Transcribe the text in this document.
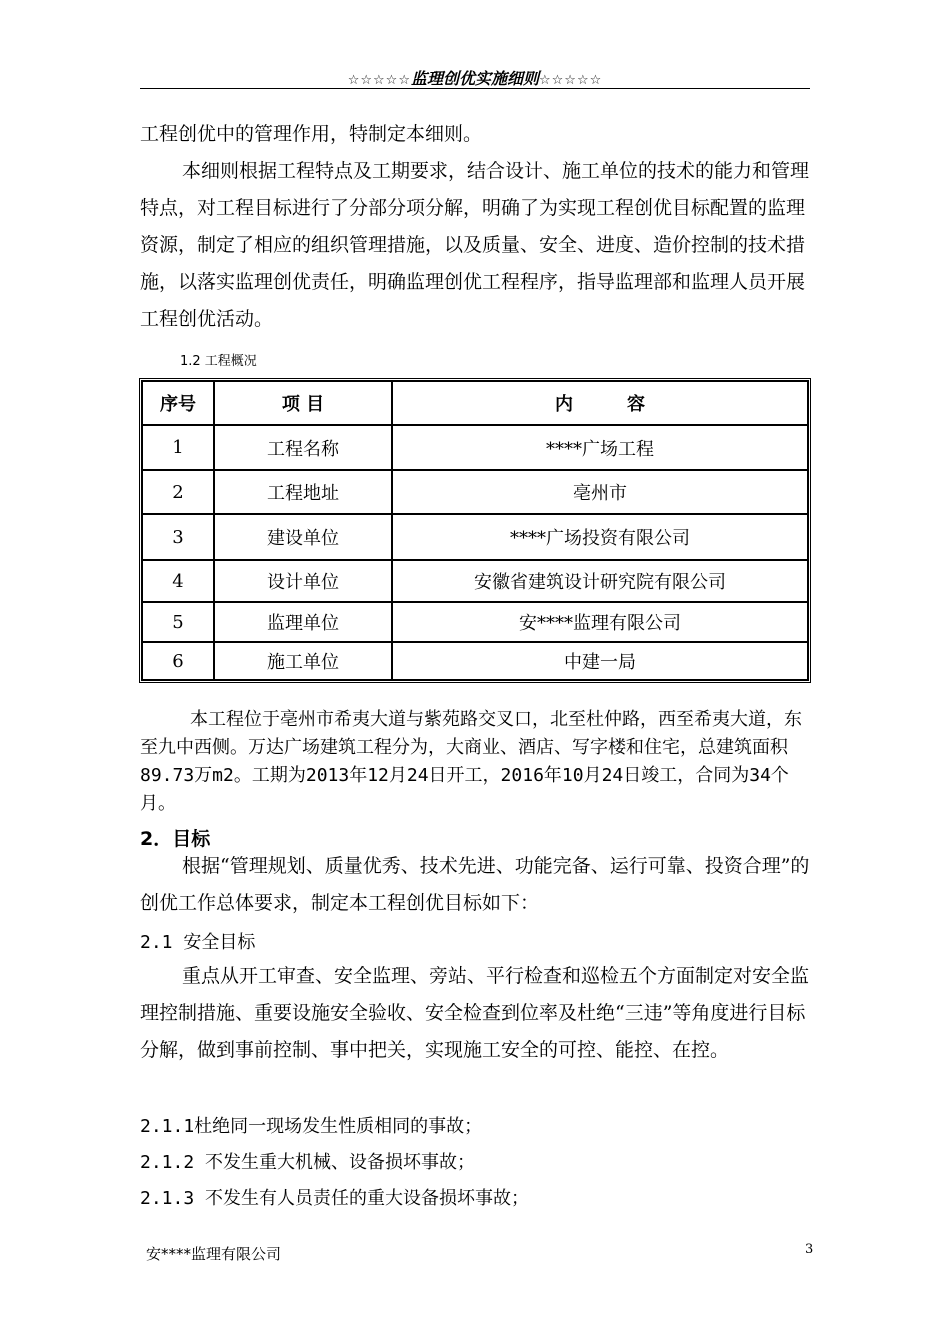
☆☆☆☆☆监理创优实施细则☆☆☆☆☆

工程创优中的管理作用，特制定本细则。

本细则根据工程特点及工期要求，结合设计、施工单位的技术的能力和管理特点，对工程目标进行了分部分项分解，明确了为实现工程创优目标配置的监理资源，制定了相应的组织管理措施，以及质量、安全、进度、造价控制的技术措施，以落实监理创优责任，明确监理创优工程程序，指导监理部和监理人员开展工程创优活动。

1.2 工程概况
序号	项 目	内　　　容
1	工程名称	****广场工程
2	工程地址	亳州市
3	建设单位	****广场投资有限公司
4	设计单位	安徽省建筑设计研究院有限公司
5	监理单位	安****监理有限公司
6	施工单位	中建一局

本工程位于亳州市希夷大道与紫苑路交叉口，北至杜仲路，西至希夷大道，东至九中西侧。万达广场建筑工程分为，大商业、酒店、写字楼和住宅，总建筑面积89.73万m2。工期为2013年12月24日开工，2016年10月24日竣工，合同为34个月。

2．目标

根据“管理规划、质量优秀、技术先进、功能完备、运行可靠、投资合理”的创优工作总体要求，制定本工程创优目标如下：

2.1 安全目标

重点从开工审查、安全监理、旁站、平行检查和巡检五个方面制定对安全监理控制措施、重要设施安全验收、安全检查到位率及杜绝“三违”等角度进行目标分解，做到事前控制、事中把关，实现施工安全的可控、能控、在控。

2.1.1杜绝同一现场发生性质相同的事故；
2.1.2 不发生重大机械、设备损坏事故；
2.1.3 不发生有人员责任的重大设备损坏事故；
安****监理有限公司	3
